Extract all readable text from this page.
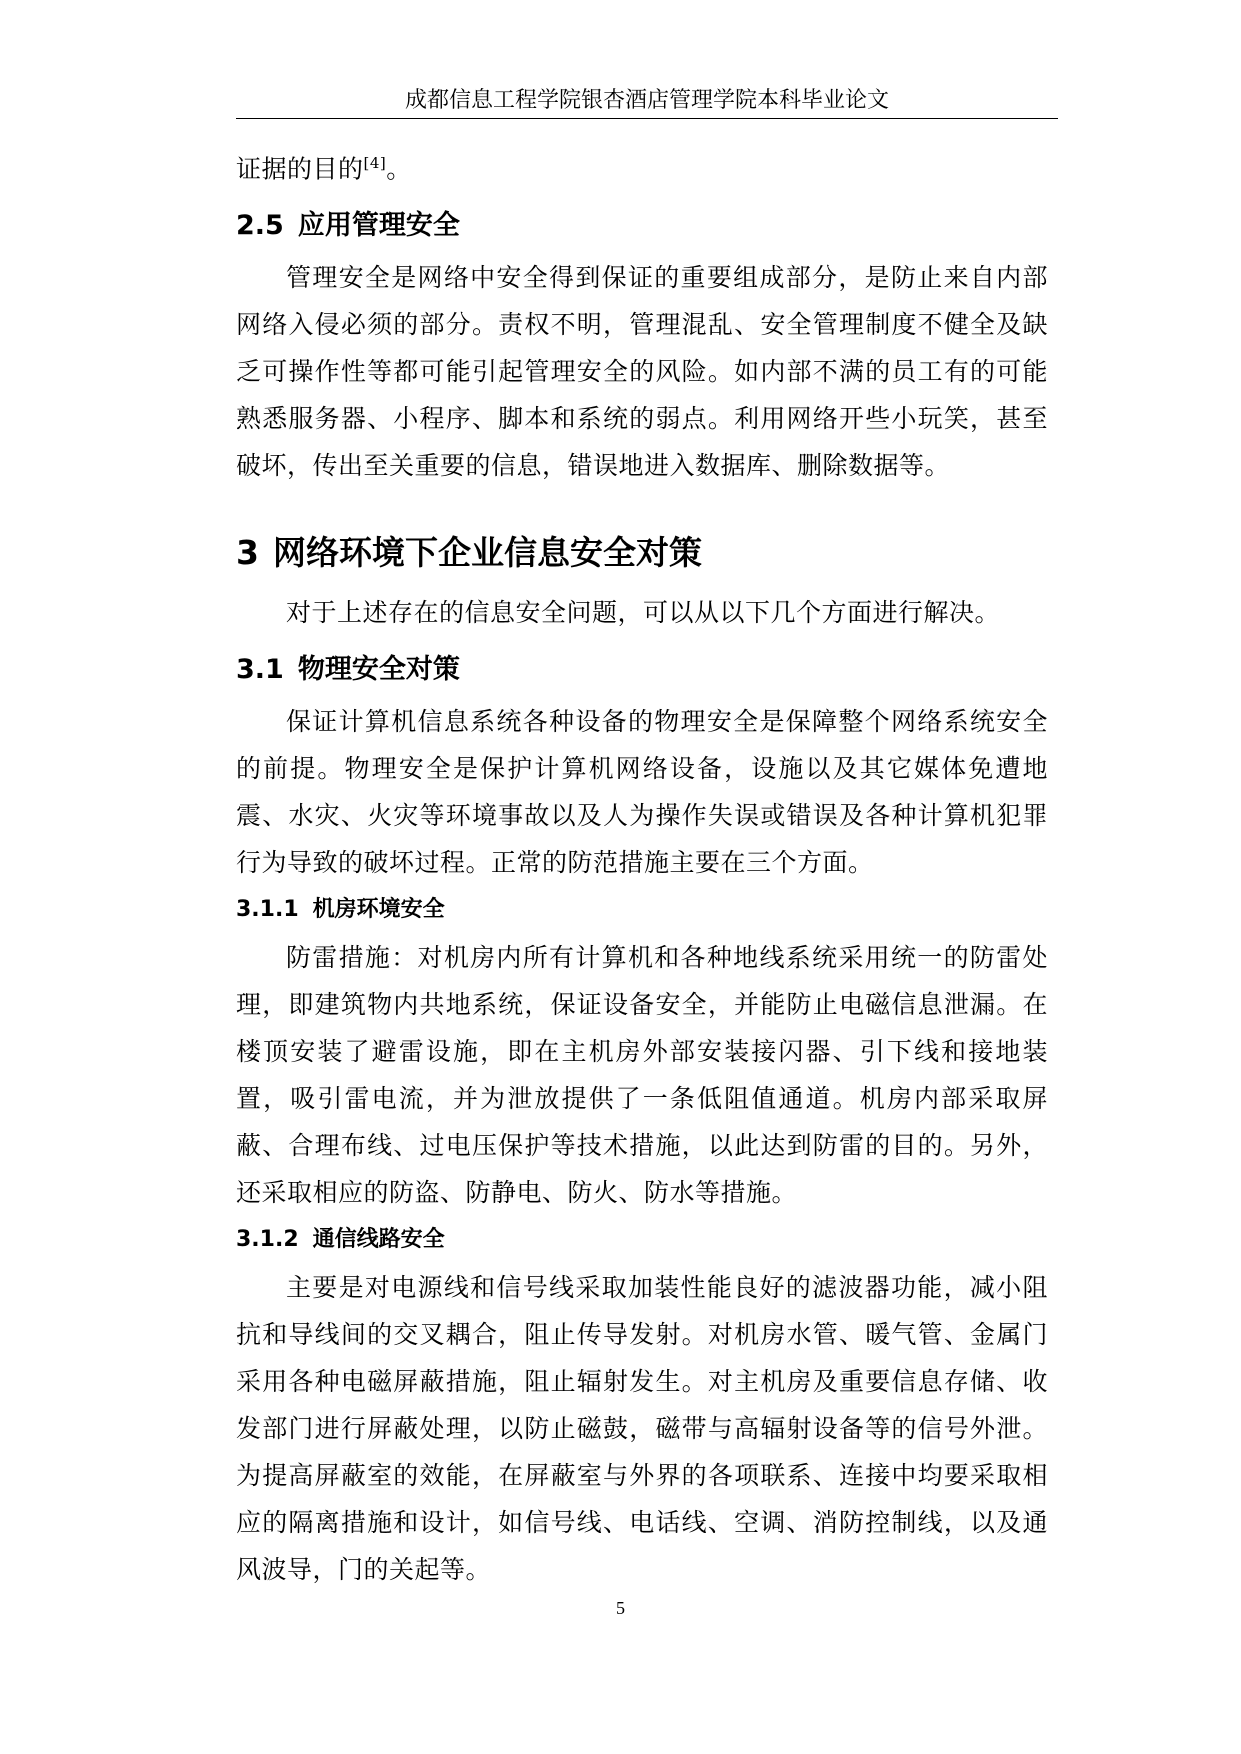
成都信息工程学院银杏酒店管理学院本科毕业论文

证据的目的[4]。

2.5 应用管理安全

管理安全是网络中安全得到保证的重要组成部分，是防止来自内部网络入侵必须的部分。责权不明，管理混乱、安全管理制度不健全及缺乏可操作性等都可能引起管理安全的风险。如内部不满的员工有的可能熟悉服务器、小程序、脚本和系统的弱点。利用网络开些小玩笑，甚至破坏，传出至关重要的信息，错误地进入数据库、删除数据等。

3 网络环境下企业信息安全对策

对于上述存在的信息安全问题，可以从以下几个方面进行解决。

3.1 物理安全对策

保证计算机信息系统各种设备的物理安全是保障整个网络系统安全的前提。物理安全是保护计算机网络设备，设施以及其它媒体免遭地震、水灾、火灾等环境事故以及人为操作失误或错误及各种计算机犯罪行为导致的破坏过程。正常的防范措施主要在三个方面。

3.1.1 机房环境安全

防雷措施：对机房内所有计算机和各种地线系统采用统一的防雷处理，即建筑物内共地系统，保证设备安全，并能防止电磁信息泄漏。在楼顶安装了避雷设施，即在主机房外部安装接闪器、引下线和接地装置，吸引雷电流，并为泄放提供了一条低阻值通道。机房内部采取屏蔽、合理布线、过电压保护等技术措施，以此达到防雷的目的。另外，还采取相应的防盗、防静电、防火、防水等措施。

3.1.2 通信线路安全

主要是对电源线和信号线采取加装性能良好的滤波器功能，减小阻抗和导线间的交叉耦合，阻止传导发射。对机房水管、暖气管、金属门采用各种电磁屏蔽措施，阻止辐射发生。对主机房及重要信息存储、收发部门进行屏蔽处理，以防止磁鼓，磁带与高辐射设备等的信号外泄。为提高屏蔽室的效能，在屏蔽室与外界的各项联系、连接中均要采取相应的隔离措施和设计，如信号线、电话线、空调、消防控制线，以及通风波导，门的关起等。

5
